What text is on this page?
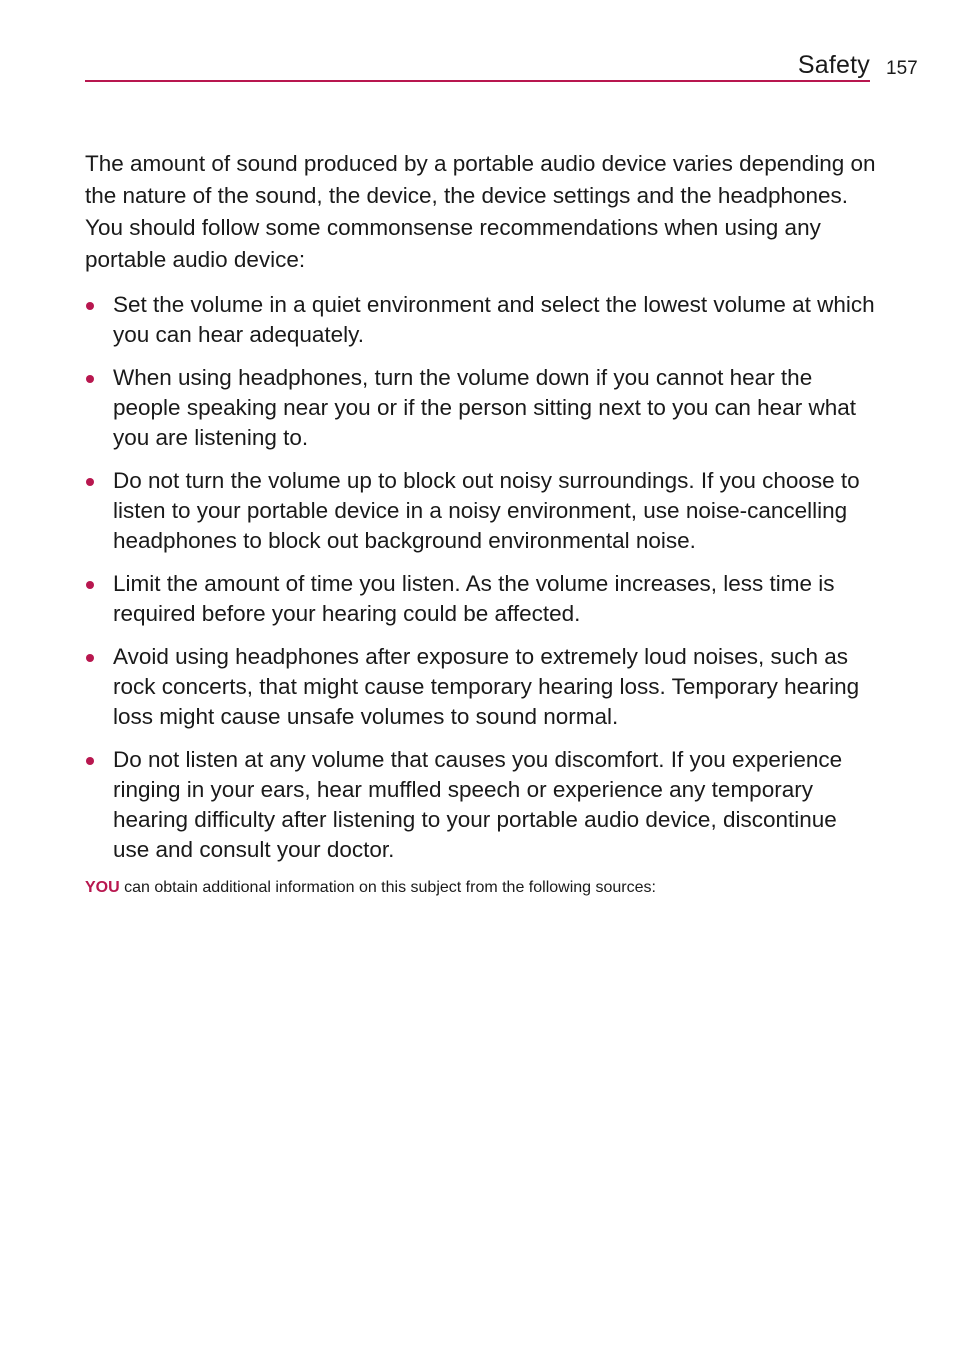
Safety 157

The amount of sound produced by a portable audio device varies depending on the nature of the sound, the device, the device settings and the headphones. You should follow some commonsense recommendations when using any portable audio device:

Set the volume in a quiet environment and select the lowest volume at which you can hear adequately.
When using headphones, turn the volume down if you cannot hear the people speaking near you or if the person sitting next to you can hear what you are listening to.
Do not turn the volume up to block out noisy surroundings. If you choose to listen to your portable device in a noisy environment, use noise-cancelling headphones to block out background environmental noise.
Limit the amount of time you listen. As the volume increases, less time is required before your hearing could be affected.
Avoid using headphones after exposure to extremely loud noises, such as rock concerts, that might cause temporary hearing loss. Temporary hearing loss might cause unsafe volumes to sound normal.
Do not listen at any volume that causes you discomfort. If you experience ringing in your ears, hear muffled speech or experience any temporary hearing difficulty after listening to your portable audio device, discontinue use and consult your doctor.

YOU can obtain additional information on this subject from the following sources:
